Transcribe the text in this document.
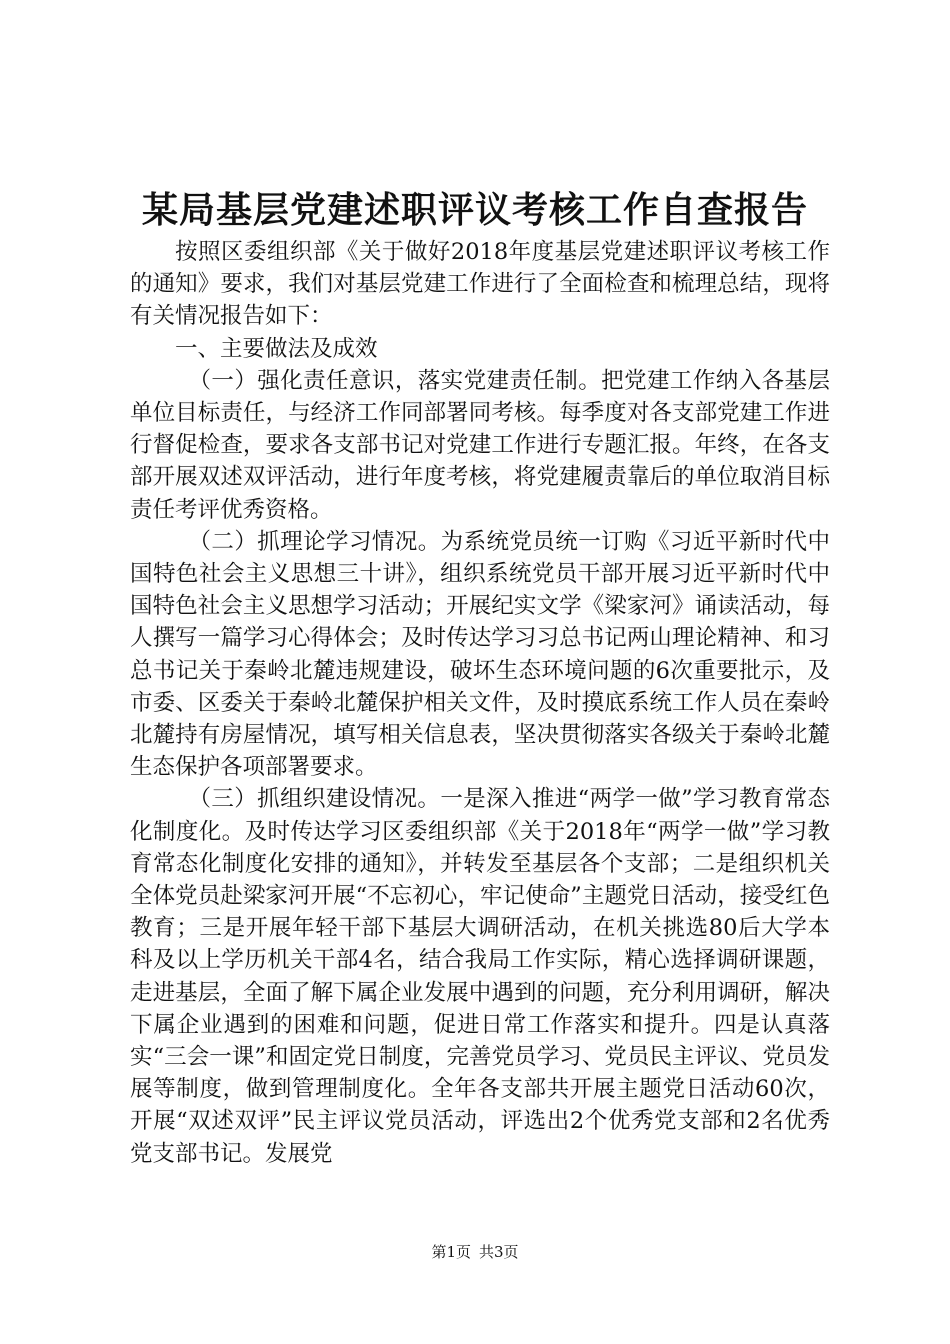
某局基层党建述职评议考核工作自查报告

按照区委组织部《关于做好2018年度基层党建述职评议考核工作的通知》要求，我们对基层党建工作进行了全面检查和梳理总结，现将有关情况报告如下：

一、主要做法及成效

（一）强化责任意识，落实党建责任制。把党建工作纳入各基层单位目标责任，与经济工作同部署同考核。每季度对各支部党建工作进行督促检查，要求各支部书记对党建工作进行专题汇报。年终，在各支部开展双述双评活动，进行年度考核，将党建履责靠后的单位取消目标责任考评优秀资格。

（二）抓理论学习情况。为系统党员统一订购《习近平新时代中国特色社会主义思想三十讲》，组织系统党员干部开展习近平新时代中国特色社会主义思想学习活动；开展纪实文学《梁家河》诵读活动，每人撰写一篇学习心得体会；及时传达学习习总书记两山理论精神、和习总书记关于秦岭北麓违规建设，破坏生态环境问题的6次重要批示，及市委、区委关于秦岭北麓保护相关文件，及时摸底系统工作人员在秦岭北麓持有房屋情况，填写相关信息表，坚决贯彻落实各级关于秦岭北麓生态保护各项部署要求。

（三）抓组织建设情况。一是深入推进“两学一做”学习教育常态化制度化。及时传达学习区委组织部《关于2018年“两学一做”学习教育常态化制度化安排的通知》，并转发至基层各个支部；二是组织机关全体党员赴梁家河开展“不忘初心，牢记使命”主题党日活动，接受红色教育；三是开展年轻干部下基层大调研活动，在机关挑选80后大学本科及以上学历机关干部4名，结合我局工作实际，精心选择调研课题，走进基层，全面了解下属企业发展中遇到的问题，充分利用调研，解决下属企业遇到的困难和问题，促进日常工作落实和提升。四是认真落实“三会一课”和固定党日制度，完善党员学习、党员民主评议、党员发展等制度，做到管理制度化。全年各支部共开展主题党日活动60次，开展“双述双评”民主评议党员活动，评选出2个优秀党支部和2名优秀党支部书记。发展党

第1页 共3页
